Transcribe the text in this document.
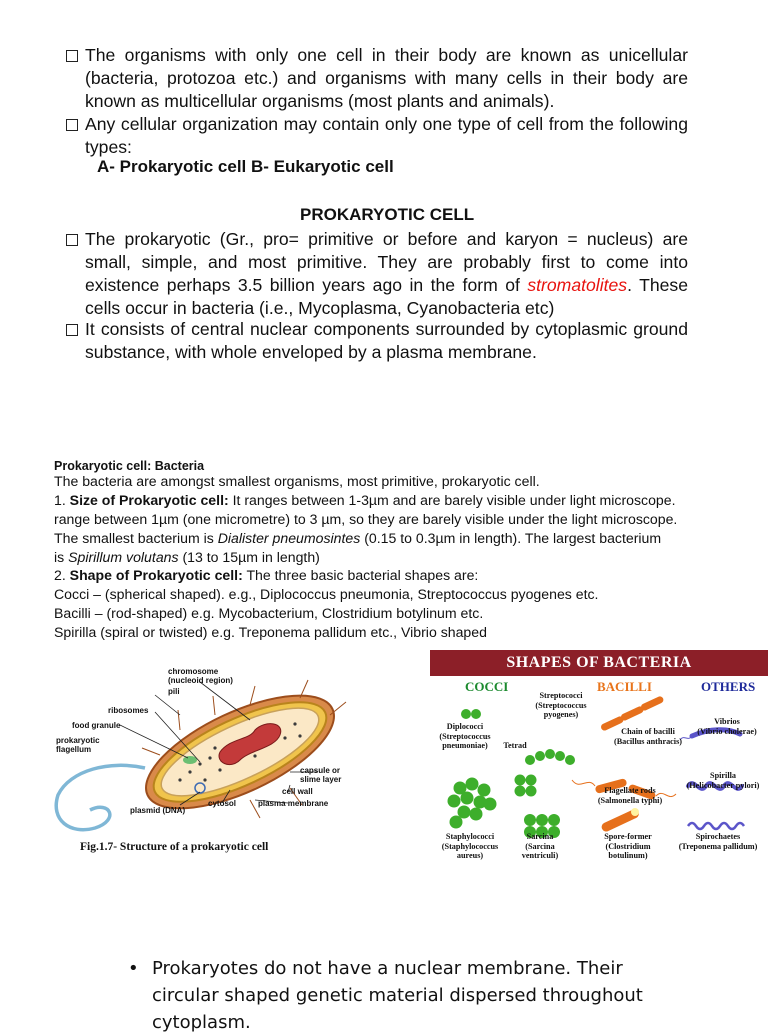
The organisms with only one cell in their body are known as unicellular (bacteria, protozoa etc.) and organisms with many cells in their body are known as multicellular organisms (most plants and animals).
Any cellular organization may contain only one type of cell from the following types:
A- Prokaryotic cell B- Eukaryotic cell
PROKARYOTIC CELL
The prokaryotic (Gr., pro= primitive or before and karyon = nucleus) are small, simple, and most primitive. They are probably first to come into existence perhaps 3.5 billion years ago in the form of stromatolites. These cells occur in bacteria (i.e., Mycoplasma, Cyanobacteria etc)
It consists of central nuclear components surrounded by cytoplasmic ground substance, with whole enveloped by a plasma membrane.
Prokaryotic cell: Bacteria
The bacteria are amongst smallest organisms, most primitive, prokaryotic cell.
1. Size of Prokaryotic cell: It ranges between 1-3µm and are barely visible under light microscope.
range between 1µm (one micrometre) to 3 µm, so they are barely visible under the light microscope.
The smallest bacterium is Dialister pneumosintes (0.15 to 0.3µm in length). The largest bacterium
is Spirillum volutans (13 to 15µm in length)
2. Shape of Prokaryotic cell: The three basic bacterial shapes are:
Cocci – (spherical shaped). e.g., Diplococcus pneumonia, Streptococcus pyogenes etc.
Bacilli – (rod-shaped) e.g. Mycobacterium, Clostridium botylinum etc.
Spirilla (spiral or twisted) e.g. Treponema pallidum etc., Vibrio shaped
chromosome
(nucleoid region)
pili
ribosomes
food granule
prokaryotic
flagellum
capsule or
slime layer
cell wall
plasma membrane
cytosol
plasmid (DNA)
Fig.1.7- Structure of a prokaryotic cell
SHAPES OF BACTERIA
COCCI	BACILLI	OTHERS
Streptococci
(Streptococcus
pyogenes)
Diplococci
(Streptococcus
pneumoniae)	Tetrad
Chain of bacilli
(Bacillus anthracis)
Vibrios
(Vibrio cholerae)
Flagellate rods
(Salmonella typhi)
Spirilla
(Helicobacter pylori)
Staphylococci
(Staphylococcus
aureus)
Sarcina
(Sarcina
ventriculi)
Spore-former
(Clostridium
botulinum)
Spirochaetes
(Treponema pallidum)
• Prokaryotes do not have a nuclear membrane. Their circular shaped genetic material dispersed throughout cytoplasm.
